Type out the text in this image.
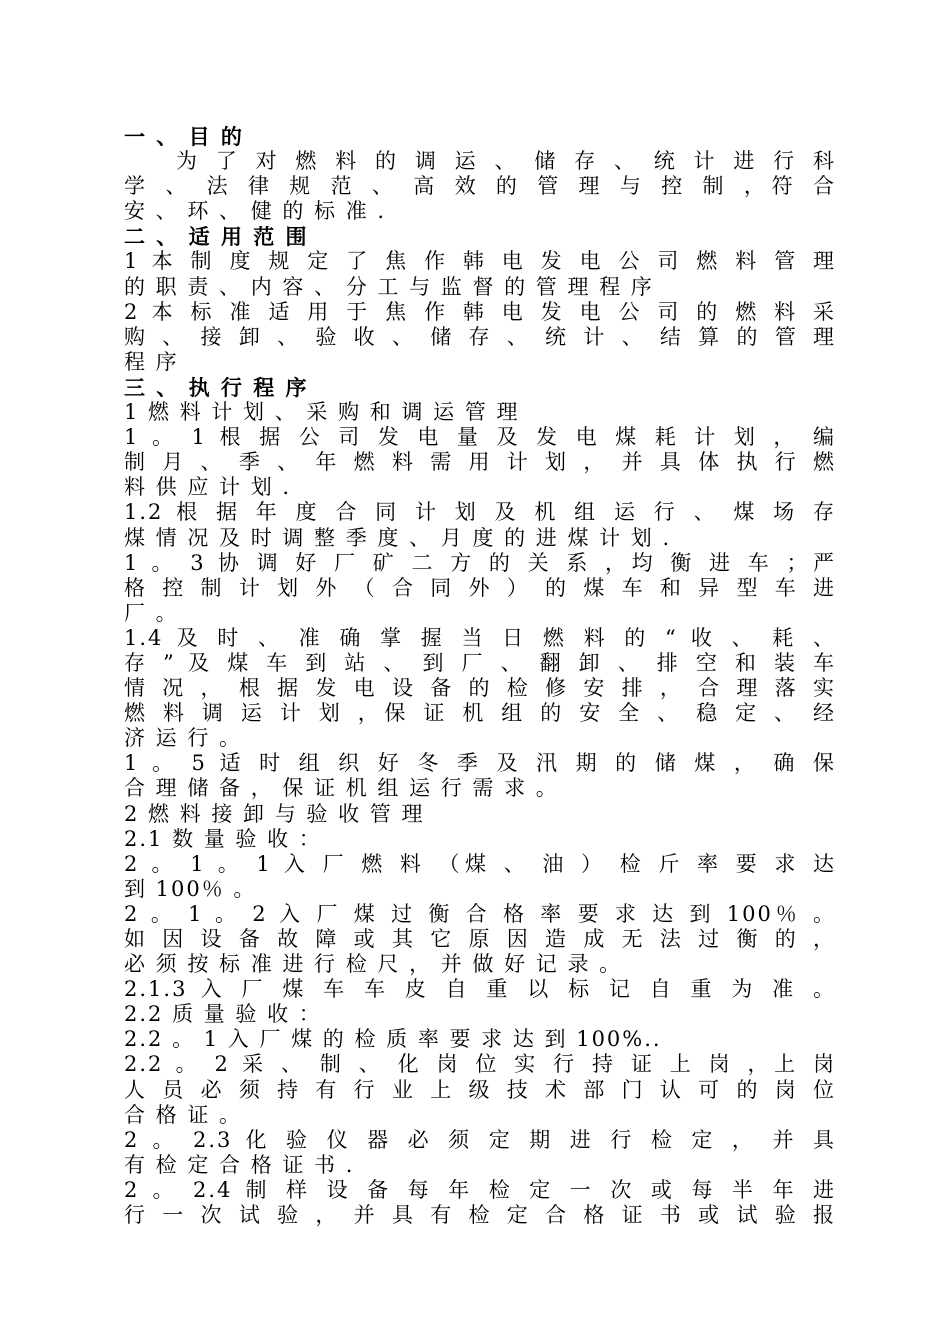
一 、 目 的
为 了 对 燃 料 的 调 运 、 储 存 、 统 计 进 行 科
学 、 法 律 规 范 、 高 效 的 管 理 与 控 制 ，符 合
安 、 环 、 健 的 标 准 .
二 、 适 用 范 围
1 本 制 度 规 定 了 焦 作 韩 电 发 电 公 司 燃 料 管 理
的 职 责 、 内 容 、 分 工 与 监 督 的 管 理 程 序
2 本 标 准 适 用 于 焦 作 韩 电 发 电 公 司 的 燃 料 采
购 、 接 卸 、 验 收 、 储 存 、 统 计 、 结 算 的 管 理
程 序
三 、 执 行 程 序
1 燃 料 计 划 、 采 购 和 调 运 管 理
1 。 1 根 据 公 司 发 电 量 及 发 电 煤 耗 计 划 ， 编
制 月 、 季 、 年 燃 料 需 用 计 划 ， 并 具 体 执 行 燃
料 供 应 计 划 .
1.2 根 据 年 度 合 同 计 划 及 机 组 运 行 、 煤 场 存
煤 情 况 及 时 调 整 季 度 、 月 度 的 进 煤 计 划 .
1 。 3 协 调 好 厂 矿 二 方 的 关 系 ，均 衡 进 车 ；严
格 控 制 计 划 外 （ 合 同 外 ） 的 煤 车 和 异 型 车 进
厂 。
1.4 及 时 、 准 确 掌 握 当 日 燃 料 的 “ 收 、 耗 、
存 ” 及 煤 车 到 站 、 到 厂 、 翻 卸 、 排 空 和 装 车
情 况 ， 根 据 发 电 设 备 的 检 修 安 排 ， 合 理 落 实
燃 料 调 运 计 划 ，保 证 机 组 的 安 全 、 稳 定 、 经
济 运 行 。
1 。 5 适 时 组 织 好 冬 季 及 汛 期 的 储 煤 ， 确 保
合 理 储 备 ， 保 证 机 组 运 行 需 求 。
2 燃 料 接 卸 与 验 收 管 理
2.1 数 量 验 收 ：
2 。 1 。 1 入 厂 燃 料 （煤 、 油 ） 检 斤 率 要 求 达
到 100％ 。
2 。 1 。 2 入 厂 煤 过 衡 合 格 率 要 求 达 到 100％ 。
如 因 设 备 故 障 或 其 它 原 因 造 成 无 法 过 衡 的 ，
必 须 按 标 准 进 行 检 尺 ， 并 做 好 记 录 。
2.1.3 入 厂 煤 车 车 皮 自 重 以 标 记 自 重 为 准 。
2.2 质 量 验 收 ：
2.2 。 1 入 厂 煤 的 检 质 率 要 求 达 到 100%..
2.2 。 2 采 、 制 、 化 岗 位 实 行 持 证 上 岗 ，上 岗
人 员 必 须 持 有 行 业 上 级 技 术 部 门 认 可 的 岗 位
合 格 证 。
2 。 2.3 化 验 仪 器 必 须 定 期 进 行 检 定 ， 并 具
有 检 定 合 格 证 书 .
2 。 2.4 制 样 设 备 每 年 检 定 一 次 或 每 半 年 进
行 一 次 试 验 ， 并 具 有 检 定 合 格 证 书 或 试 验 报
